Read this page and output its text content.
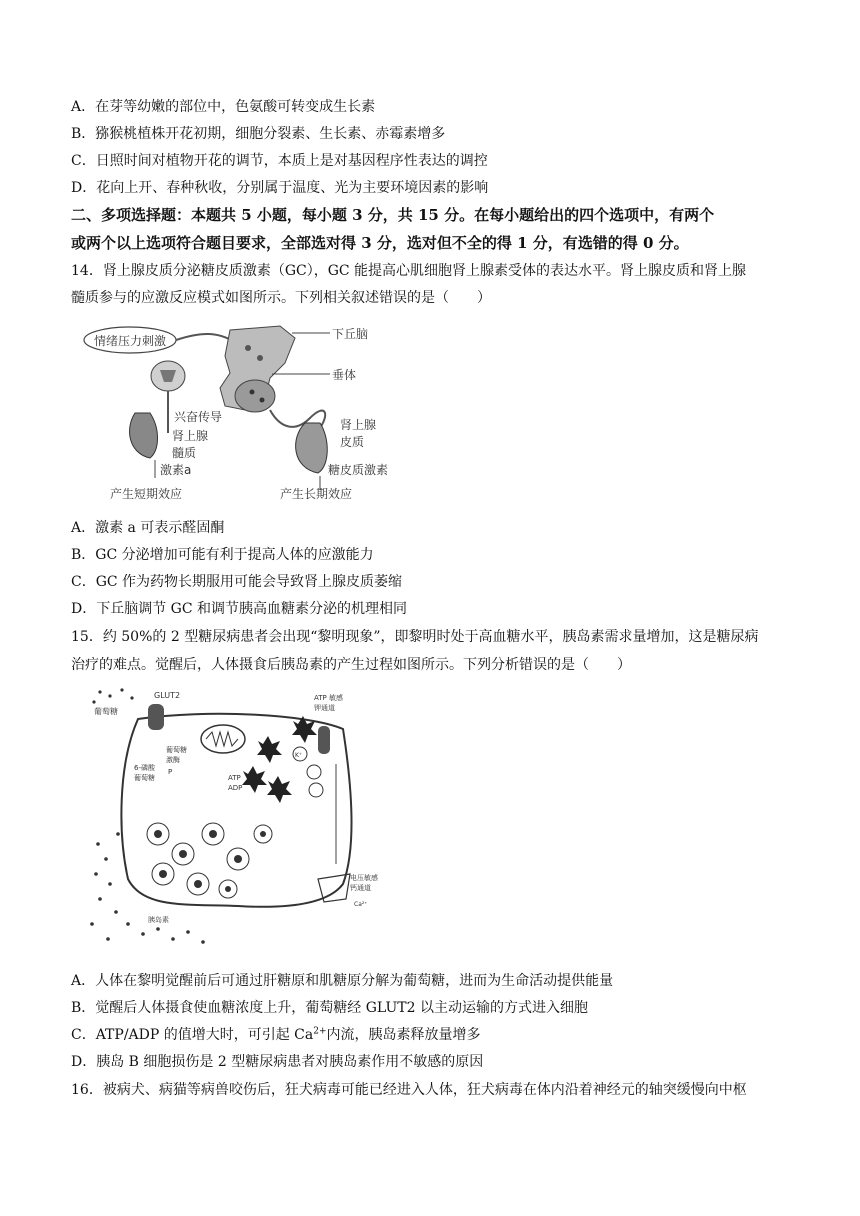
A．在芽等幼嫩的部位中，色氨酸可转变成生长素
B．猕猴桃植株开花初期，细胞分裂素、生长素、赤霉素增多
C．日照时间对植物开花的调节，本质上是对基因程序性表达的调控
D．花向上开、春种秋收，分别属于温度、光为主要环境因素的影响
二、多项选择题：本题共 5 小题，每小题 3 分，共 15 分。在每小题给出的四个选项中，有两个
或两个以上选项符合题目要求，全部选对得 3 分，选对但不全的得 1 分，有选错的得 0 分。
14．肾上腺皮质分泌糖皮质激素（GC），GC 能提高心肌细胞肾上腺素受体的表达水平。肾上腺皮质和肾上腺
髓质参与的应激反应模式如图所示。下列相关叙述错误的是（　　）
情绪压力刺激	下丘脑
垂体
兴奋传导
肾上腺
髓质
激素a
产生短期效应
肾上腺
皮质
糖皮质激素
产生长期效应
A．激素 a 可表示醛固酮
B．GC 分泌增加可能有利于提高人体的应激能力
C．GC 作为药物长期服用可能会导致肾上腺皮质萎缩
D．下丘脑调节 GC 和调节胰高血糖素分泌的机理相同
15．约 50%的 2 型糖尿病患者会出现“黎明现象”，即黎明时处于高血糖水平，胰岛素需求量增加，这是糖尿病
治疗的难点。觉醒后，人体摄食后胰岛素的产生过程如图所示。下列分析错误的是（　　）
GLUT2
葡萄糖
葡萄糖
激酶
6-磷酸
葡萄糖
P
ATP
ADP
ATP 敏感
钾通道
K⁺
电压敏感
钙通道
Ca²⁺
胰岛素
A．人体在黎明觉醒前后可通过肝糖原和肌糖原分解为葡萄糖，进而为生命活动提供能量
B．觉醒后人体摄食使血糖浓度上升，葡萄糖经 GLUT2 以主动运输的方式进入细胞
C．ATP/ADP 的值增大时，可引起 $Ca^{2+}$内流，胰岛素释放量增多
D．胰岛 B 细胞损伤是 2 型糖尿病患者对胰岛素作用不敏感的原因
16．被病犬、病猫等病兽咬伤后，狂犬病毒可能已经进入人体，狂犬病毒在体内沿着神经元的轴突缓慢向中枢
